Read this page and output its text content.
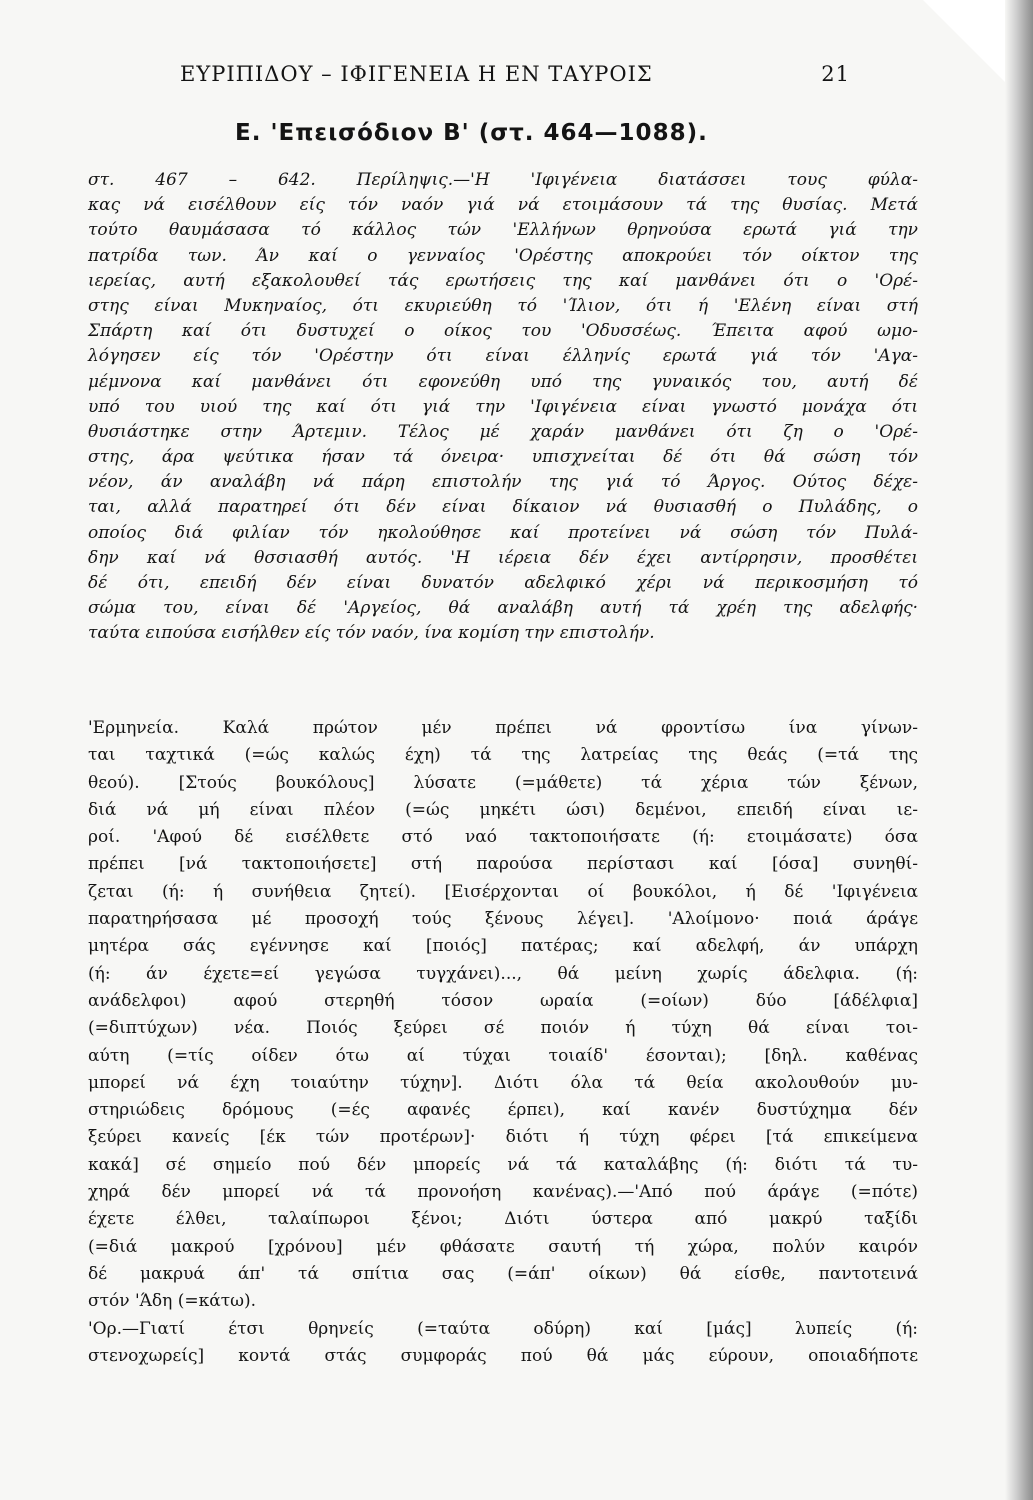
ΕΥΡΙΠΙΔΟΥ – ΙΦΙΓΕΝΕΙΑ Η ΕΝ ΤΑΥΡΟΙΣ	21
Ε. 'Επεισόδιον Β' (στ. 464—1088).
στ. 467 – 642. Περίληψις.—'Η 'Ιφιγένεια διατάσσει τους φύλα-
κας νά εισέλθουν είς τόν ναόν γιά νά ετοιμάσουν τά της θυσίας. Μετά
τούτο θαυμάσασα τό κάλλος τών 'Ελλήνων θρηνούσα ερωτά γιά την
πατρίδα των. Άν καί ο γενναίος 'Ορέστης αποκρούει τόν οίκτον της
ιερείας, αυτή εξακολουθεί τάς ερωτήσεις της καί μανθάνει ότι ο 'Ορέ-
στης είναι Μυκηναίος, ότι εκυριεύθη τό 'Ίλιον, ότι ή 'Ελένη είναι στή
Σπάρτη καί ότι δυστυχεί ο οίκος του 'Οδυσσέως. Έπειτα αφού ωμο-
λόγησεν είς τόν 'Ορέστην ότι είναι έλληνίς ερωτά γιά τόν 'Αγα-
μέμνονα καί μανθάνει ότι εφονεύθη υπό της γυναικός του, αυτή δέ
υπό του υιού της καί ότι γιά την 'Ιφιγένεια είναι γνωστό μονάχα ότι
θυσιάστηκε στην Άρτεμιν. Τέλος μέ χαράν μανθάνει ότι ζη ο 'Ορέ-
στης, άρα ψεύτικα ήσαν τά όνειρα· υπισχνείται δέ ότι θά σώση τόν
νέον, άν αναλάβη νά πάρη επιστολήν της γιά τό Άργος. Ούτος δέχε-
ται, αλλά παρατηρεί ότι δέν είναι δίκαιον νά θυσιασθή ο Πυλάδης, ο
οποίος διά φιλίαν τόν ηκολούθησε καί προτείνει νά σώση τόν Πυλά-
δην καί νά θσσιασθή αυτός. 'Η ιέρεια δέν έχει αντίρρησιν, προσθέτει
δέ ότι, επειδή δέν είναι δυνατόν αδελφικό χέρι νά περικοσμήση τό
σώμα του, είναι δέ 'Αργείος, θά αναλάβη αυτή τά χρέη της αδελφής·
ταύτα ειπούσα εισήλθεν είς τόν ναόν, ίνα κομίση την επιστολήν.
'Ερμηνεία. Καλά πρώτον μέν πρέπει νά φροντίσω ίνα γίνων-
ται ταχτικά (=ώς καλώς έχη) τά της λατρείας της θεάς (=τά της
θεού). [Στούς βουκόλους] λύσατε (=μάθετε) τά χέρια τών ξένων,
διά νά μή είναι πλέον (=ώς μηκέτι ώσι) δεμένοι, επειδή είναι ιε-
ροί. 'Αφού δέ εισέλθετε στό ναό τακτοποιήσατε (ή: ετοιμάσατε) όσα
πρέπει [νά τακτοποιήσετε] στή παρούσα περίστασι καί [όσα] συνηθί-
ζεται (ή: ή συνήθεια ζητεί). [Εισέρχονται οί βουκόλοι, ή δέ 'Ιφιγένεια
παρατηρήσασα μέ προσοχή τούς ξένους λέγει]. 'Αλοίμονο· ποιά άράγε
μητέρα σάς εγέννησε καί [ποιός] πατέρας; καί αδελφή, άν υπάρχη
(ή: άν έχετε=εί γεγώσα τυγχάνει)..., θά μείνη χωρίς άδελφια. (ή:
ανάδελφοι) αφού στερηθή τόσον ωραία (=οίων) δύο [άδέλφια]
(=διπτύχων) νέα. Ποιός ξεύρει σέ ποιόν ή τύχη θά είναι τοι-
αύτη (=τίς οίδεν ότω αί τύχαι τοιαίδ' έσονται); [δηλ. καθένας
μπορεί νά έχη τοιαύτην τύχην]. Διότι όλα τά θεία ακολουθούν μυ-
στηριώδεις δρόμους (=ές αφανές έρπει), καί κανέν δυστύχημα δέν
ξεύρει κανείς [έκ τών προτέρων]· διότι ή τύχη φέρει [τά επικείμενα
κακά] σέ σημείο πού δέν μπορείς νά τά καταλάβης (ή: διότι τά τυ-
χηρά δέν μπορεί νά τά προνοήση κανένας).—'Από πού άράγε (=πότε)
έχετε έλθει, ταλαίπωροι ξένοι; Διότι ύστερα από μακρύ ταξίδι
(=διά μακρού [χρόνου] μέν φθάσατε σαυτή τή χώρα, πολύν καιρόν
δέ μακρυά άπ' τά σπίτια σας (=άπ' οίκων) θά είσθε, παντοτεινά
στόν 'Άδη (=κάτω).
'Ορ.—Γιατί έτσι θρηνείς (=ταύτα οδύρη) καί [μάς] λυπείς (ή:
στενοχωρείς] κοντά στάς συμφοράς πού θά μάς εύρουν, οποιαδήποτε
